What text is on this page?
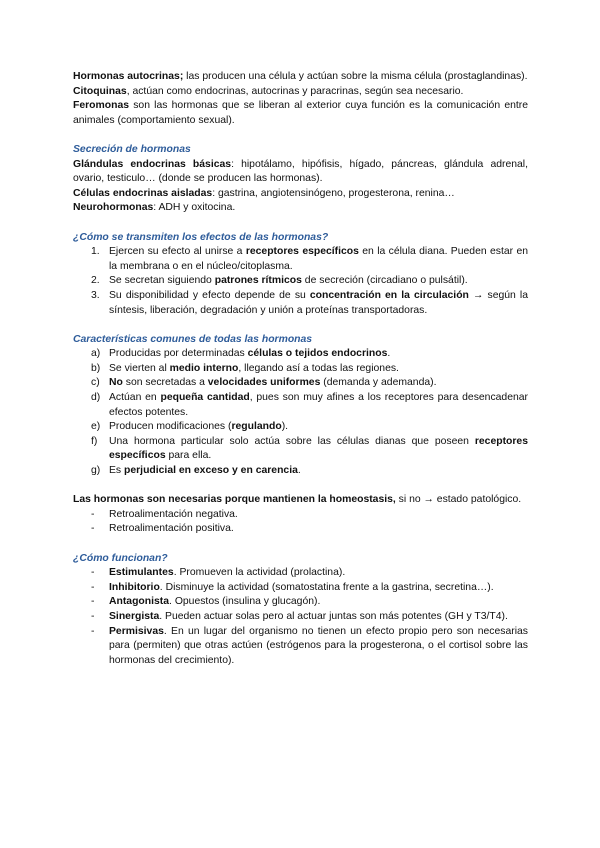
Hormonas autocrinas; las producen una célula y actúan sobre la misma célula (prostaglandinas).

Citoquinas, actúan como endocrinas, autocrinas y paracrinas, según sea necesario.

Feromonas son las hormonas que se liberan al exterior cuya función es la comunicación entre animales (comportamiento sexual).

Secreción de hormonas

Glándulas endocrinas básicas: hipotálamo, hipófisis, hígado, páncreas, glándula adrenal, ovario, testiculo… (donde se producen las hormonas).

Células endocrinas aisladas: gastrina, angiotensinógeno, progesterona, renina…

Neurohormonas: ADH y oxitocina.

¿Cómo se transmiten los efectos de las hormonas?
1. Ejercen su efecto al unirse a receptores específicos en la célula diana. Pueden estar en la membrana o en el núcleo/citoplasma.
2. Se secretan siguiendo patrones rítmicos de secreción (circadiano o pulsátil).
3. Su disponibilidad y efecto depende de su concentración en la circulación → según la síntesis, liberación, degradación y unión a proteínas transportadoras.
Características comunes de todas las hormonas
a) Producidas por determinadas células o tejidos endocrinos.
b) Se vierten al medio interno, llegando así a todas las regiones.
c) No son secretadas a velocidades uniformes (demanda y ademanda).
d) Actúan en pequeña cantidad, pues son muy afines a los receptores para desencadenar efectos potentes.
e) Producen modificaciones (regulando).
f) Una hormona particular solo actúa sobre las células dianas que poseen receptores específicos para ella.
g) Es perjudicial en exceso y en carencia.

Las hormonas son necesarias porque mantienen la homeostasis, si no → estado patológico.

- Retroalimentación negativa.
- Retroalimentación positiva.
¿Cómo funcionan?
- Estimulantes. Promueven la actividad (prolactina).
- Inhibitorio. Disminuye la actividad (somatostatina frente a la gastrina, secretina…).
- Antagonista. Opuestos (insulina y glucagón).
- Sinergista. Pueden actuar solas pero al actuar juntas son más potentes (GH y T3/T4).
- Permisivas. En un lugar del organismo no tienen un efecto propio pero son necesarias para (permiten) que otras actúen (estrógenos para la progesterona, o el cortisol sobre las hormonas del crecimiento).
